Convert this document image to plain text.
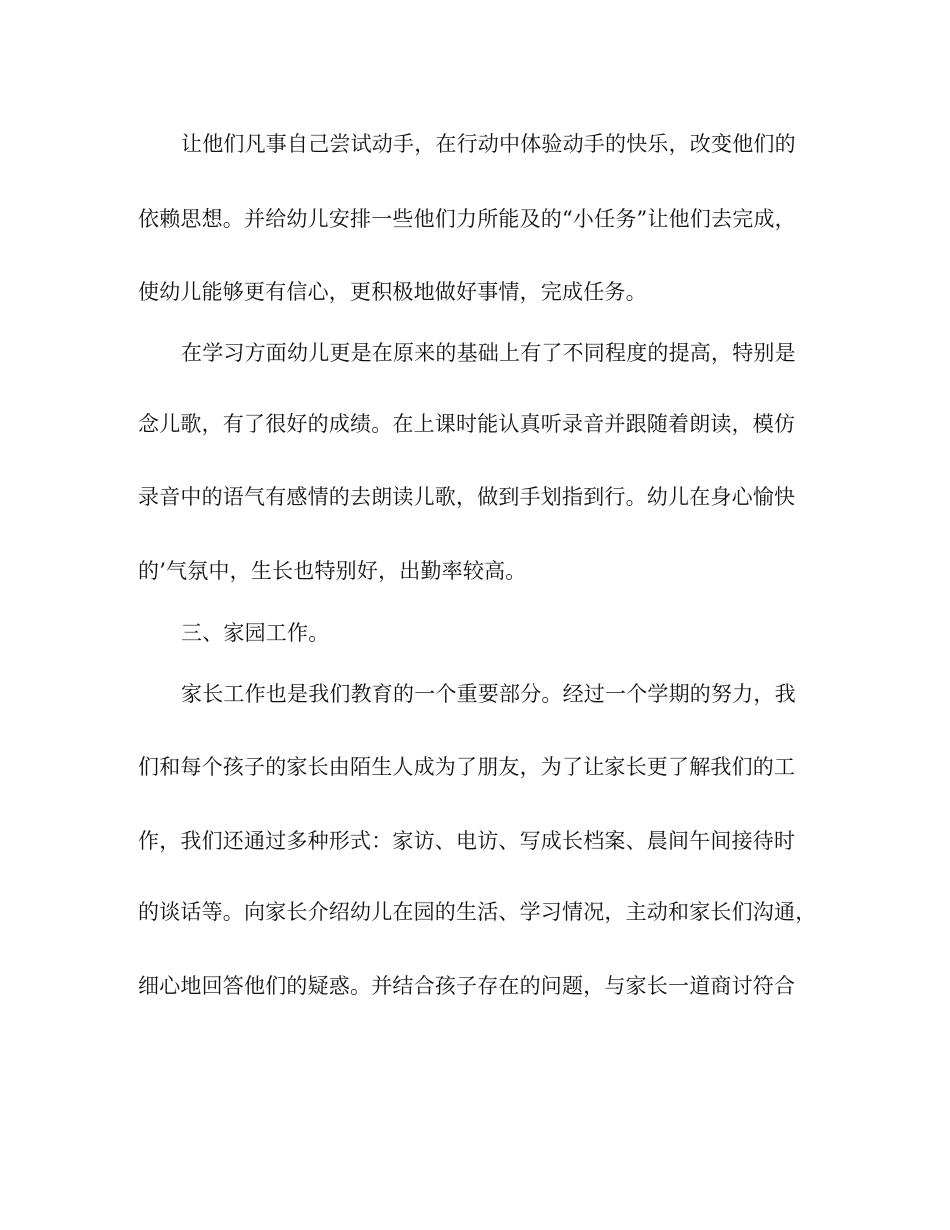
让他们凡事自己尝试动手，在行动中体验动手的快乐，改变他们的
依赖思想。并给幼儿安排一些他们力所能及的“小任务”让他们去完成，
使幼儿能够更有信心，更积极地做好事情，完成任务。
在学习方面幼儿更是在原来的基础上有了不同程度的提高，特别是
念儿歌，有了很好的成绩。在上课时能认真听录音并跟随着朗读，模仿
录音中的语气有感情的去朗读儿歌，做到手划指到行。幼儿在身心愉快
的’气氛中，生长也特别好，出勤率较高。
三、家园工作。
家长工作也是我们教育的一个重要部分。经过一个学期的努力，我
们和每个孩子的家长由陌生人成为了朋友，为了让家长更了解我们的工
作，我们还通过多种形式：家访、电访、写成长档案、晨间午间接待时
的谈话等。向家长介绍幼儿在园的生活、学习情况，主动和家长们沟通，
细心地回答他们的疑惑。并结合孩子存在的问题，与家长一道商讨符合
